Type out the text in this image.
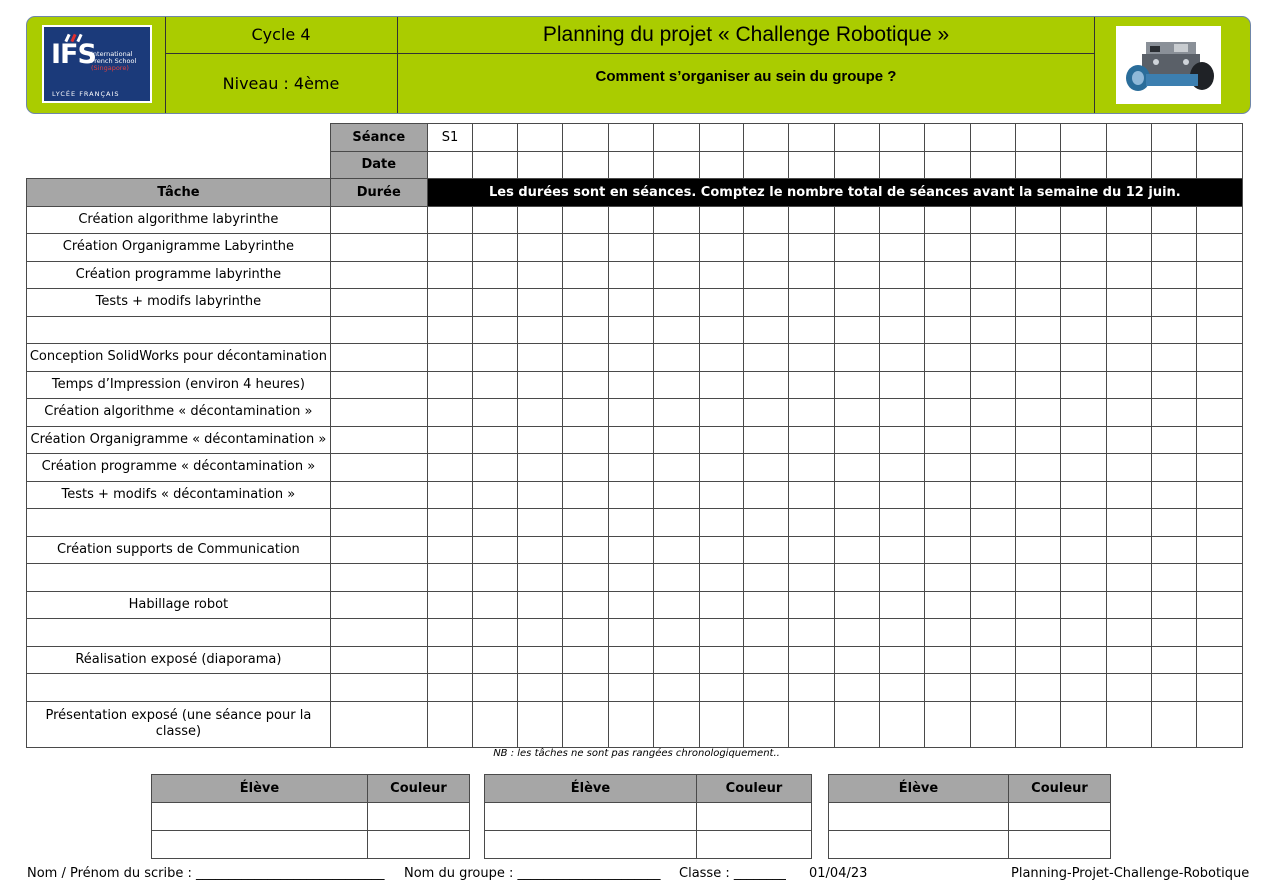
IFS
International
French School
(Singapore)
LYCÉE FRANÇAIS
Cycle 4
Niveau : 4ème
Planning du projet « Challenge Robotique »
Comment s’organiser au sein du groupe ?
	Séance	S1																	
	Date																		
Tâche	Durée	Les durées sont en séances. Comptez le nombre total de séances avant la semaine du 12 juin.																	
Création algorithme labyrinthe																			
Création Organigramme Labyrinthe																			
Création programme labyrinthe																			
Tests + modifs labyrinthe																			

Conception SolidWorks pour décontamination																			
Temps d’Impression (environ 4 heures)																			
Création algorithme « décontamination »																			
Création Organigramme « décontamination »																			
Création programme « décontamination »																			
Tests + modifs « décontamination »																			

Création supports de Communication																			

Habillage robot																			

Réalisation exposé (diaporama)																			

Présentation exposé (une séance pour la classe)																			
NB : les tâches ne sont pas rangées chronologiquement..
Élève	Couleur

		Élève	Couleur

		Élève	Couleur

Nom / Prénom du scribe : _____________________________ Nom du groupe : ______________________ Classe : ________ 01/04/23	Planning-Projet-Challenge-Robotique
